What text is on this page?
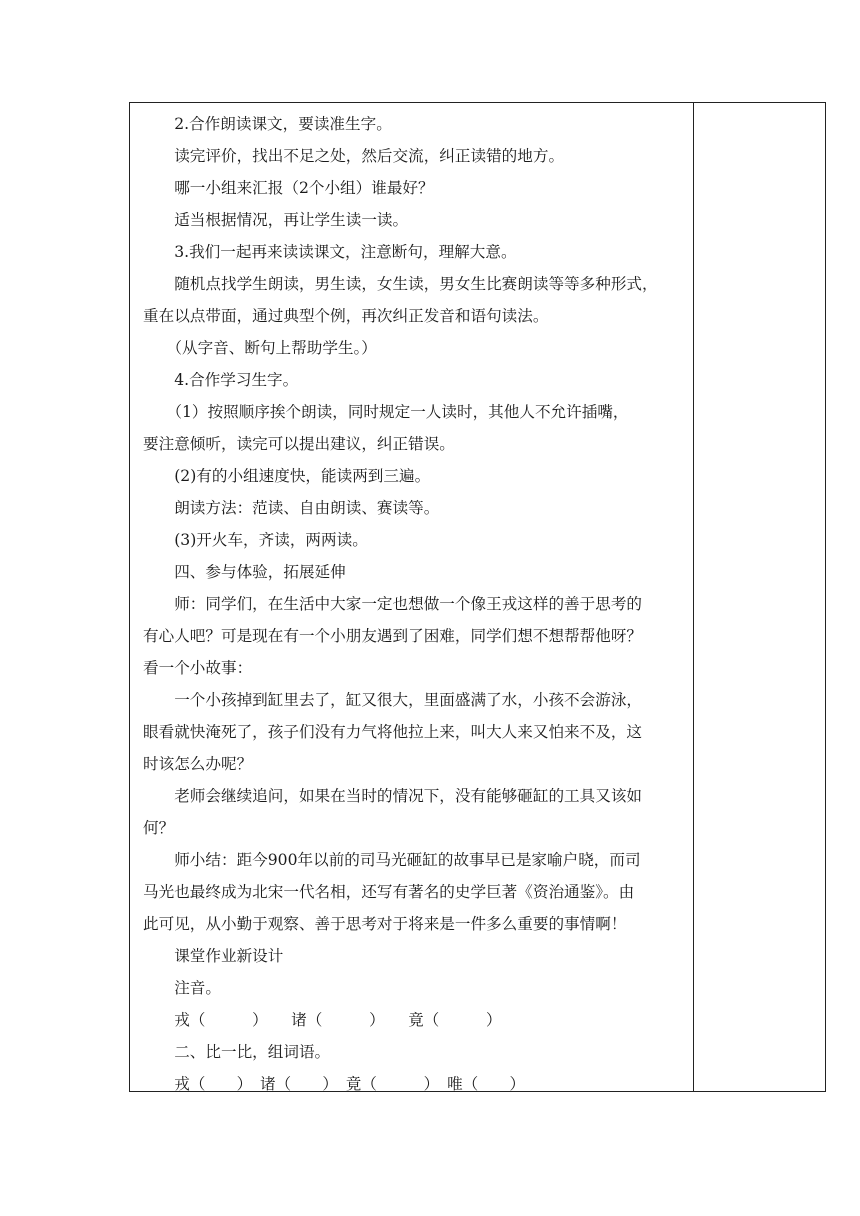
　　2.合作朗读课文，要读准生字。
　　读完评价，找出不足之处，然后交流，纠正读错的地方。
　　哪一小组来汇报（2个小组）谁最好？
　　适当根据情况，再让学生读一读。
　　3.我们一起再来读读课文，注意断句，理解大意。
　　随机点找学生朗读，男生读，女生读，男女生比赛朗读等等多种形式，
重在以点带面，通过典型个例，再次纠正发音和语句读法。
　　（从字音、断句上帮助学生。）
　　4.合作学习生字。
　　（1）按照顺序挨个朗读，同时规定一人读时，其他人不允许插嘴，
要注意倾听，读完可以提出建议，纠正错误。
　　(2)有的小组速度快，能读两到三遍。
　　朗读方法：范读、自由朗读、赛读等。
　　(3)开火车，齐读，两两读。
　　四、参与体验，拓展延伸
　　师：同学们，在生活中大家一定也想做一个像王戎这样的善于思考的
有心人吧？可是现在有一个小朋友遇到了困难，同学们想不想帮帮他呀？
看一个小故事：
　　一个小孩掉到缸里去了，缸又很大，里面盛满了水，小孩不会游泳，
眼看就快淹死了，孩子们没有力气将他拉上来，叫大人来又怕来不及，这
时该怎么办呢？
　　老师会继续追问，如果在当时的情况下，没有能够砸缸的工具又该如
何？
　　师小结：距今900年以前的司马光砸缸的故事早已是家喻户晓，而司
马光也最终成为北宋一代名相，还写有著名的史学巨著《资治通鉴》。由
此可见，从小勤于观察、善于思考对于将来是一件多么重要的事情啊！
　　课堂作业新设计
　　注音。
　　戎（　　　）　　诸（　　　）　　竟（　　　）
　　二、比一比，组词语。
　　戎（　　）　诸（　　）　竟（　　　）　唯（　　）
